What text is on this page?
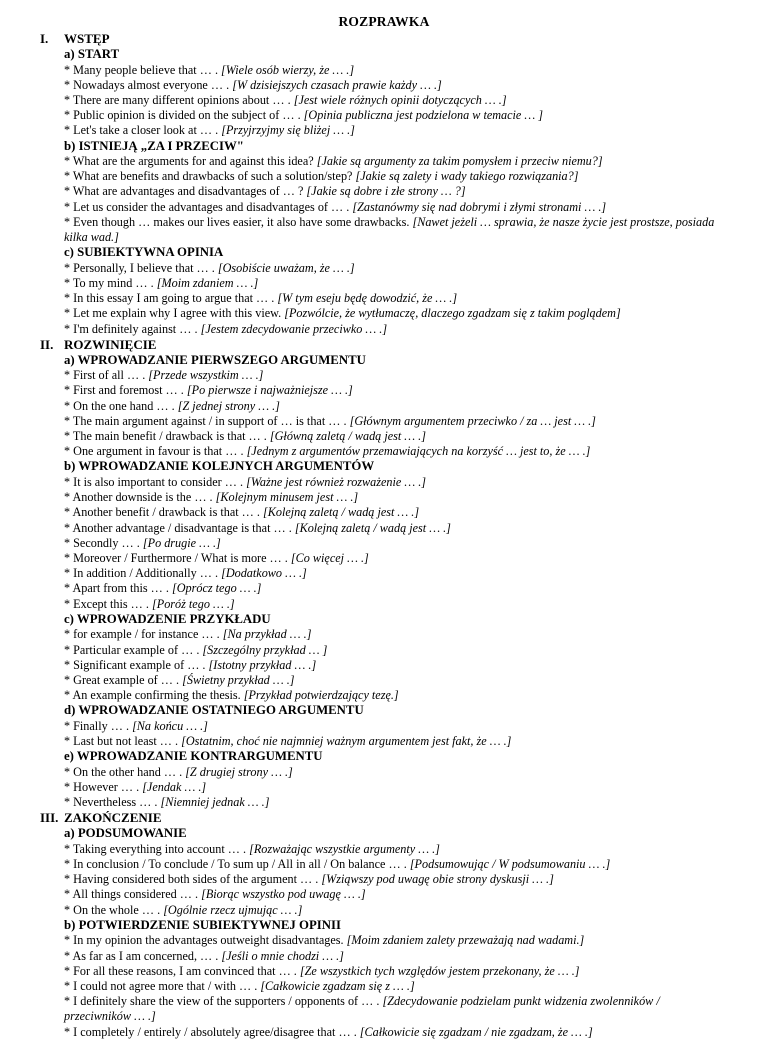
ROZPRAWKA
I. WSTĘP
a) START
* Many people believe that … . [Wiele osób wierzy, że … .]
* Nowadays almost everyone … . [W dzisiejszych czasach prawie każdy … .]
* There are many different opinions about … . [Jest wiele różnych opinii dotyczących … .]
* Public opinion is divided on the subject of … . [Opinia publiczna jest podzielona w temacie … ]
* Let's take a closer look at … . [Przyjrzyjmy się bliżej … .]
b) ISTNIEJĄ „ZA I PRZECIW"
* What are the arguments for and against this idea? [Jakie są argumenty za takim pomysłem i przeciw niemu?]
* What are benefits and drawbacks of such a solution/step? [Jakie są zalety i wady takiego rozwiązania?]
* What are advantages and disadvantages of … ? [Jakie są dobre i złe strony … ?]
* Let us consider the advantages and disadvantages of … . [Zastanówmy się nad dobrymi i złymi stronami … .]
* Even though … makes our lives easier, it also have some drawbacks. [Nawet jeżeli … sprawia, że nasze życie jest prostsze, posiada kilka wad.]
c) SUBIEKTYWNA OPINIA
* Personally, I believe that … . [Osobiście uważam, że … .]
* To my mind … . [Moim zdaniem … .]
* In this essay I am going to argue that … . [W tym eseju będę dowodzić, że … .]
* Let me explain why I agree with this view. [Pozwólcie, że wytłumaczę, dlaczego zgadzam się z takim poglądem]
* I'm definitely against … . [Jestem zdecydowanie przeciwko … .]
II. ROZWINIĘCIE
a) WPROWADZANIE PIERWSZEGO ARGUMENTU
* First of all … . [Przede wszystkim … .]
* First and foremost … . [Po pierwsze i najważniejsze … .]
* On the one hand … . [Z jednej strony … .]
* The main argument against / in support of … is that … . [Głównym argumentem przeciwko / za … jest … .]
* The main benefit / drawback is that … . [Główną zaletą / wadą jest … .]
* One argument in favour is that … . [Jednym z argumentów przemawiających na korzyść … jest to, że … .]
b) WPROWADZANIE KOLEJNYCH ARGUMENTÓW
* It is also important to consider … . [Ważne jest również rozważenie … .]
* Another downside is the … . [Kolejnym minusem jest … .]
* Another benefit / drawback is that … . [Kolejną zaletą / wadą jest … .]
* Another advantage / disadvantage is that … . [Kolejną zaletą / wadą jest … .]
* Secondly … . [Po drugie … .]
* Moreover / Furthermore / What is more … . [Co więcej … .]
* In addition / Additionally … . [Dodatkowo … .]
* Apart from this … . [Oprócz tego … .]
* Except this … . [Poróż tego … .]
c) WPROWADZENIE PRZYKŁADU
* for example / for instance … . [Na przykład … .]
* Particular example of … . [Szczególny przykład … ]
* Significant example of … . [Istotny przykład … .]
* Great example of … . [Świetny przykład … .]
* An example confirming the thesis. [Przykład potwierdzający tezę.]
d) WPROWADZANIE OSTATNIEGO ARGUMENTU
* Finally … . [Na końcu … .]
* Last but not least … . [Ostatnim, choć nie najmniej ważnym argumentem jest fakt, że … .]
e) WPROWADZANIE KONTRARGUMENTU
* On the other hand … . [Z drugiej strony … .]
* However … . [Jendak … .]
* Nevertheless … . [Niemniej jednak … .]
III. ZAKOŃCZENIE
a) PODSUMOWANIE
* Taking everything into account … . [Rozważając wszystkie argumenty … .]
* In conclusion / To conclude / To sum up / All in all / On balance … . [Podsumowując / W podsumowaniu … .]
* Having considered both sides of the argument … . [Wziąwszy pod uwagę obie strony dyskusji … .]
* All things considered … . [Biorąc wszystko pod uwagę … .]
* On the whole … . [Ogólnie rzecz ujmując … .]
b) POTWIERDZENIE SUBIEKTYWNEJ OPINII
* In my opinion the advantages outweight disadvantages. [Moim zdaniem zalety przeważają nad wadami.]
* As far as I am concerned, … . [Jeśli o mnie chodzi … .]
* For all these reasons, I am convinced that … . [Ze wszystkich tych względów jestem przekonany, że … .]
* I could not agree more that / with … . [Całkowicie zgadzam się z … .]
* I definitely share the view of the supporters / opponents of … . [Zdecydowanie podzielam punkt widzenia zwolenników / przeciwników … .]
* I completely / entirely / absolutely agree/disagree that … . [Całkowicie się zgadzam / nie zgadzam, że … .]
